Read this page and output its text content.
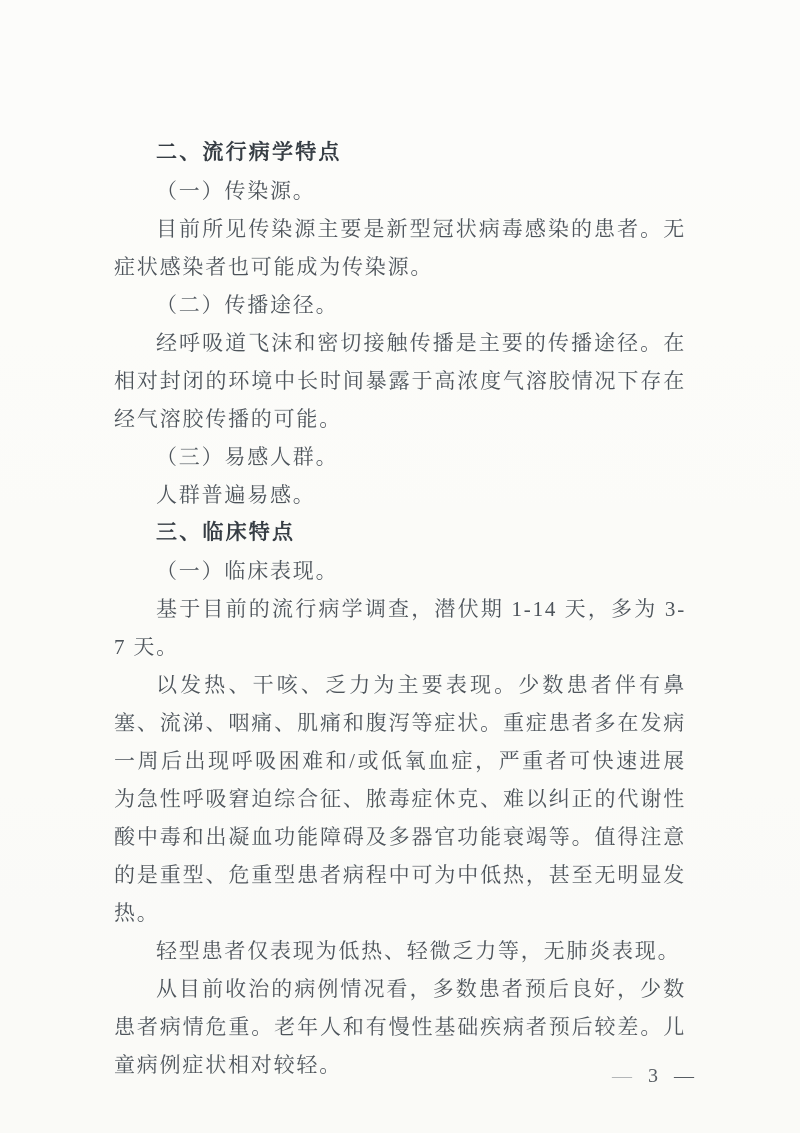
二、流行病学特点

（一）传染源。

目前所见传染源主要是新型冠状病毒感染的患者。无症状感染者也可能成为传染源。

（二）传播途径。

经呼吸道飞沫和密切接触传播是主要的传播途径。在相对封闭的环境中长时间暴露于高浓度气溶胶情况下存在经气溶胶传播的可能。

（三）易感人群。

人群普遍易感。

三、临床特点

（一）临床表现。

基于目前的流行病学调查，潜伏期 1-14 天，多为 3-7 天。

以发热、干咳、乏力为主要表现。少数患者伴有鼻塞、流涕、咽痛、肌痛和腹泻等症状。重症患者多在发病一周后出现呼吸困难和/或低氧血症，严重者可快速进展为急性呼吸窘迫综合征、脓毒症休克、难以纠正的代谢性酸中毒和出凝血功能障碍及多器官功能衰竭等。值得注意的是重型、危重型患者病程中可为中低热，甚至无明显发热。

轻型患者仅表现为低热、轻微乏力等，无肺炎表现。

从目前收治的病例情况看，多数患者预后良好，少数患者病情危重。老年人和有慢性基础疾病者预后较差。儿童病例症状相对较轻。	— 3 —
